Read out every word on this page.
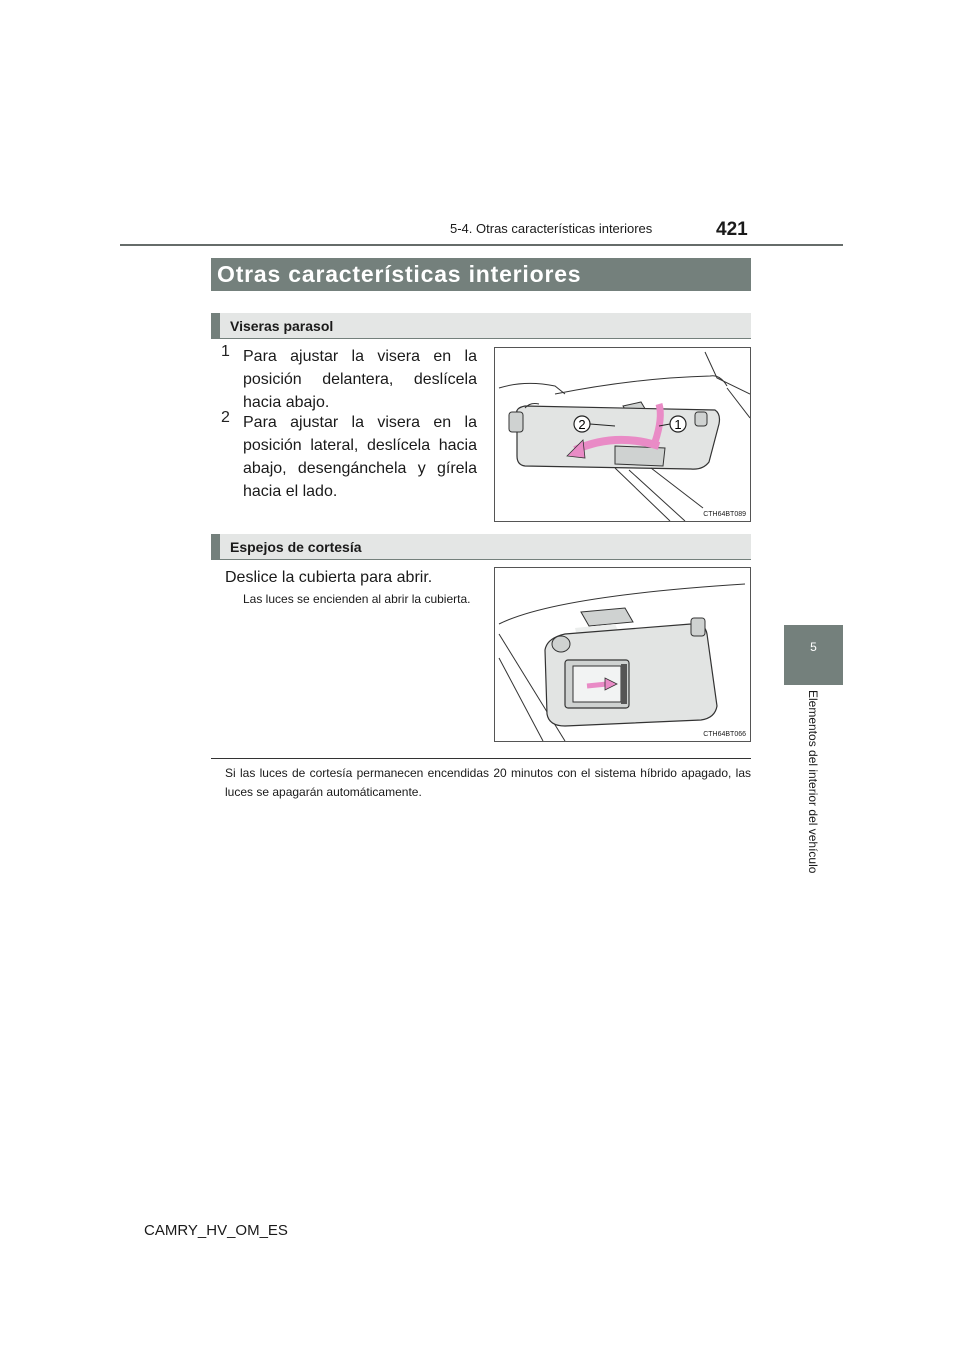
5-4. Otras características interiores	421
Otras características interiores
Viseras parasol
1 Para ajustar la visera en la posición delantera, deslícela hacia abajo.
2 Para ajustar la visera en la posición lateral, deslícela hacia abajo, desengánchela y gírela hacia el lado.
2	1
CTH64BT089
Espejos de cortesía
Deslice la cubierta para abrir.
Las luces se encienden al abrir la cubierta.
CTH64BT066
Si las luces de cortesía permanecen encendidas 20 minutos con el sistema híbrido apagado, las luces se apagarán automáticamente.
5
Elementos del interior del vehículo
CAMRY_HV_OM_ES
